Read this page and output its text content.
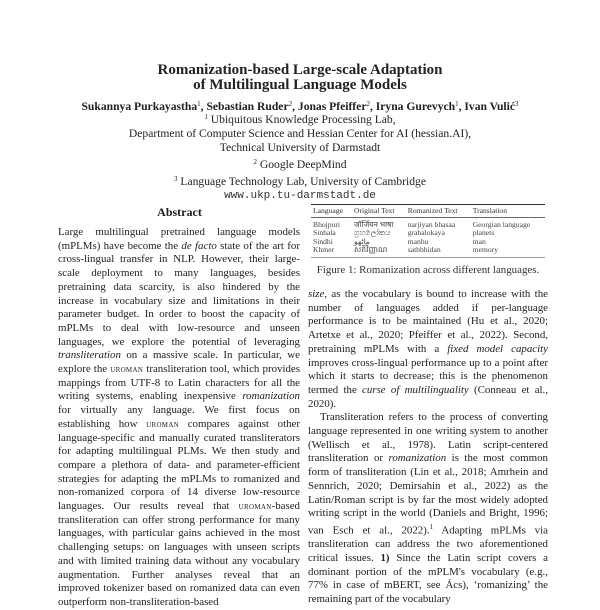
Romanization-based Large-scale Adaptation
of Multilingual Language Models
Sukannya Purkayastha$^1$, Sebastian Ruder$^2$, Jonas Pfeiffer$^2$, Iryna Gurevych$^1$, Ivan Vulić$^3$
$^1$ Ubiquitous Knowledge Processing Lab,
Department of Computer Science and Hessian Center for AI (hessian.AI),
Technical University of Darmstadt
$^2$ Google DeepMind
$^3$ Language Technology Lab, University of Cambridge
www.ukp.tu-darmstadt.de
Abstract

Large multilingual pretrained language models (mPLMs) have become the de facto state of the art for cross-lingual transfer in NLP. However, their large-scale deployment to many languages, besides pretraining data scarcity, is also hindered by the increase in vocabulary size and limitations in their parameter budget. In order to boost the capacity of mPLMs to deal with low-resource and unseen languages, we explore the potential of leveraging transliteration on a massive scale. In particular, we explore the uroman transliteration tool, which provides mappings from UTF-8 to Latin characters for all the writing systems, enabling inexpensive romanization for virtually any language. We first focus on establishing how uroman compares against other language-specific and manually curated transliterators for adapting multilingual PLMs. We then study and compare a plethora of data- and parameter-efficient strategies for adapting the mPLMs to romanized and non-romanized corpora of 14 diverse low-resource languages. Our results reveal that uroman-based transliteration can offer strong performance for many languages, with particular gains achieved in the most challenging setups: on languages with unseen scripts and with limited training data without any vocabulary augmentation. Further analyses reveal that an improved tokenizer based on romanized data can even outperform non-transliteration-based

Language	Original Text	Romanized Text	Translation
Bhojpuri	जॉर्जियन भाषा	narjiyan bhasaa	Georgian language
Sinhala	ග්‍රහලෝකය	grahalokaya	planets
Sindhi	ماڻهو	manhu	man
Khmer	សតិវិញ្ញាណ	sathbhidan	memory
Figure 1: Romanization across different languages.

size, as the vocabulary is bound to increase with the number of languages added if per-language performance is to be maintained (Hu et al., 2020; Artetxe et al., 2020; Pfeiffer et al., 2022). Second, pretraining mPLMs with a fixed model capacity improves cross-lingual performance up to a point after which it starts to decrease; this is the phenomenon termed the curse of multilinguality (Conneau et al., 2020).

Transliteration refers to the process of converting language represented in one writing system to another (Wellisch et al., 1978). Latin script-centered transliteration or romanization is the most common form of transliteration (Lin et al., 2018; Amrhein and Sennrich, 2020; Demirsahin et al., 2022) as the Latin/Roman script is by far the most widely adopted writing script in the world (Daniels and Bright, 1996; van Esch et al., 2022).$^1$ Adapting mPLMs via transliteration can address the two aforementioned critical issues. 1) Since the Latin script covers a dominant portion of the mPLM's vocabulary (e.g., 77% in case of mBERT, see Ács), ‘romanizing’ the remaining part of the vocabulary
